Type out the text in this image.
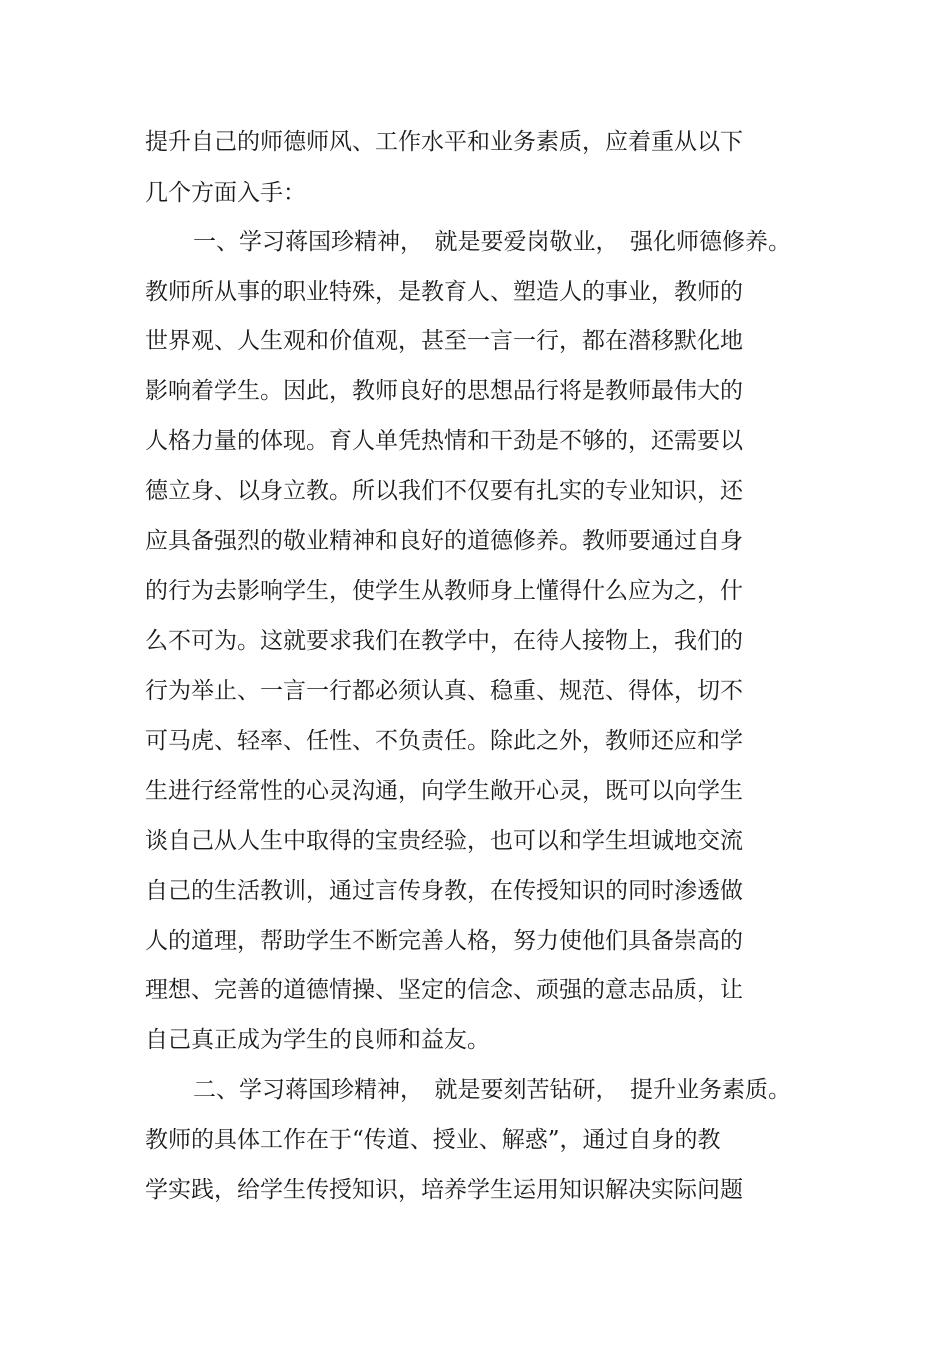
提升自己的师德师风、工作水平和业务素质，应着重从以下

几个方面入手：

一、学习蒋国珍精神，　就是要爱岗敬业，　强化师德修养。

教师所从事的职业特殊，是教育人、塑造人的事业，教师的

世界观、人生观和价值观，甚至一言一行，都在潜移默化地

影响着学生。因此，教师良好的思想品行将是教师最伟大的

人格力量的体现。育人单凭热情和干劲是不够的，还需要以

德立身、以身立教。所以我们不仅要有扎实的专业知识，还

应具备强烈的敬业精神和良好的道德修养。教师要通过自身

的行为去影响学生，使学生从教师身上懂得什么应为之，什

么不可为。这就要求我们在教学中，在待人接物上，我们的

行为举止、一言一行都必须认真、稳重、规范、得体，切不

可马虎、轻率、任性、不负责任。除此之外，教师还应和学

生进行经常性的心灵沟通，向学生敞开心灵，既可以向学生

谈自己从人生中取得的宝贵经验，也可以和学生坦诚地交流

自己的生活教训，通过言传身教，在传授知识的同时渗透做

人的道理，帮助学生不断完善人格，努力使他们具备崇高的

理想、完善的道德情操、坚定的信念、顽强的意志品质，让

自己真正成为学生的良师和益友。

二、学习蒋国珍精神，　就是要刻苦钻研，　提升业务素质。

教师的具体工作在于“传道、授业、解惑”，通过自身的教

学实践，给学生传授知识，培养学生运用知识解决实际问题
